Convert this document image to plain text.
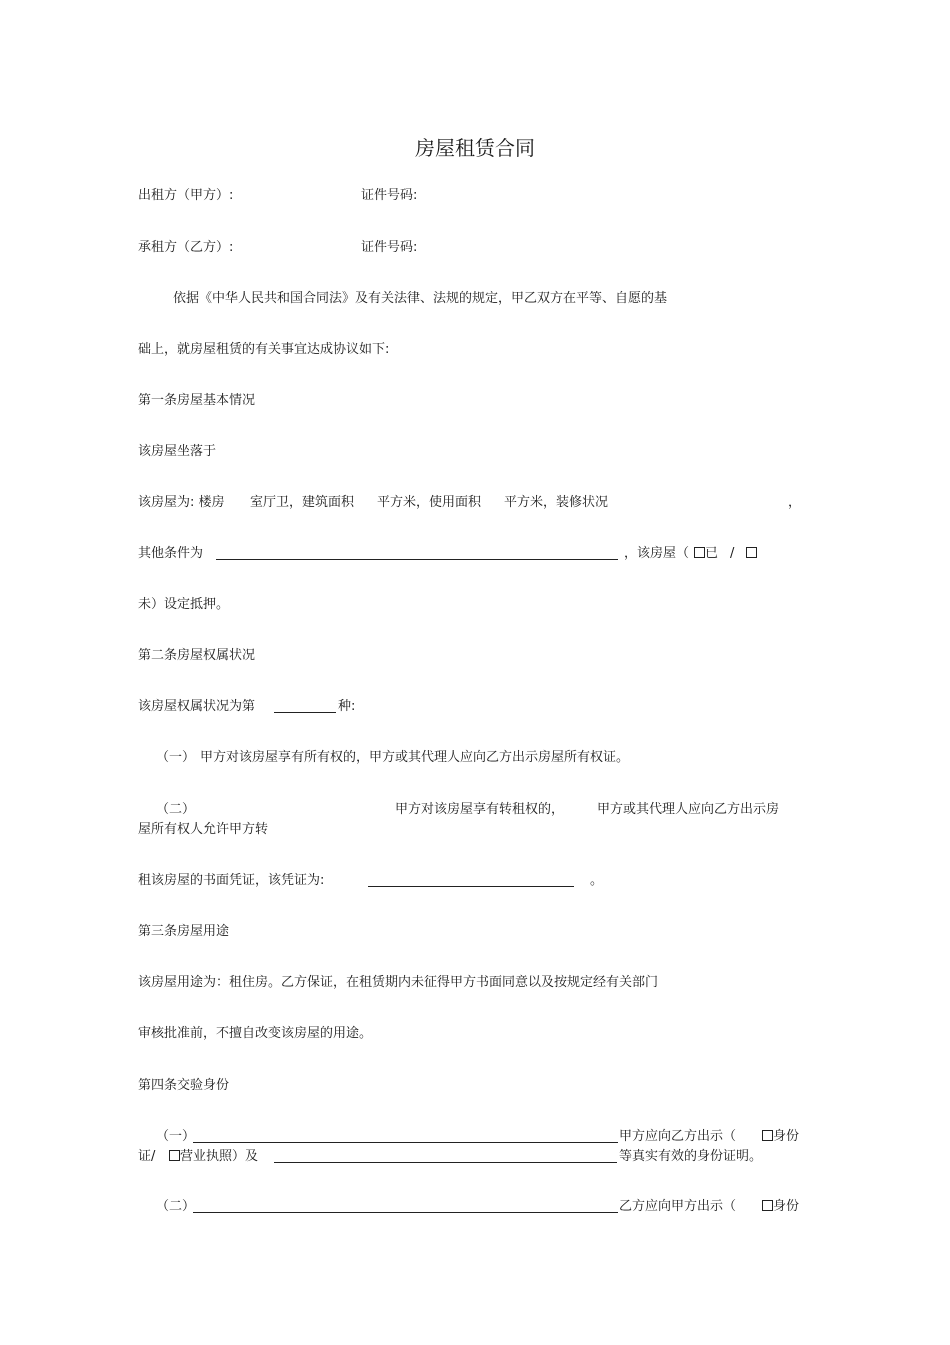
房屋租赁合同
出租方（甲方）:	证件号码:
承租方（乙方）:	证件号码:
依据《中华人民共和国合同法》及有关法律、法规的规定，甲乙双方在平等、自愿的基
础上，就房屋租赁的有关事宜达成协议如下:
第一条房屋基本情况
该房屋坐落于
该房屋为: 楼房 室厅卫，建筑面积 平方米，使用面积 平方米，装修状况	，
其他条件为	，该房屋（	已 /
未）设定抵押。
第二条房屋权属状况
该房屋权属状况为第	种:
（一） 甲方对该房屋享有所有权的，甲方或其代理人应向乙方出示房屋所有权证。
（二）	甲方对该房屋享有转租权的，	甲方或其代理人应向乙方出示房
屋所有权人允许甲方转
租该房屋的书面凭证，该凭证为:	。
第三条房屋用途
该房屋用途为：租住房。乙方保证，在租赁期内未征得甲方书面同意以及按规定经有关部门
审核批准前，不擅自改变该房屋的用途。
第四条交验身份
（一）	甲方应向乙方出示（	身份
证/	营业执照）及	等真实有效的身份证明。
（二）	乙方应向甲方出示（	身份
